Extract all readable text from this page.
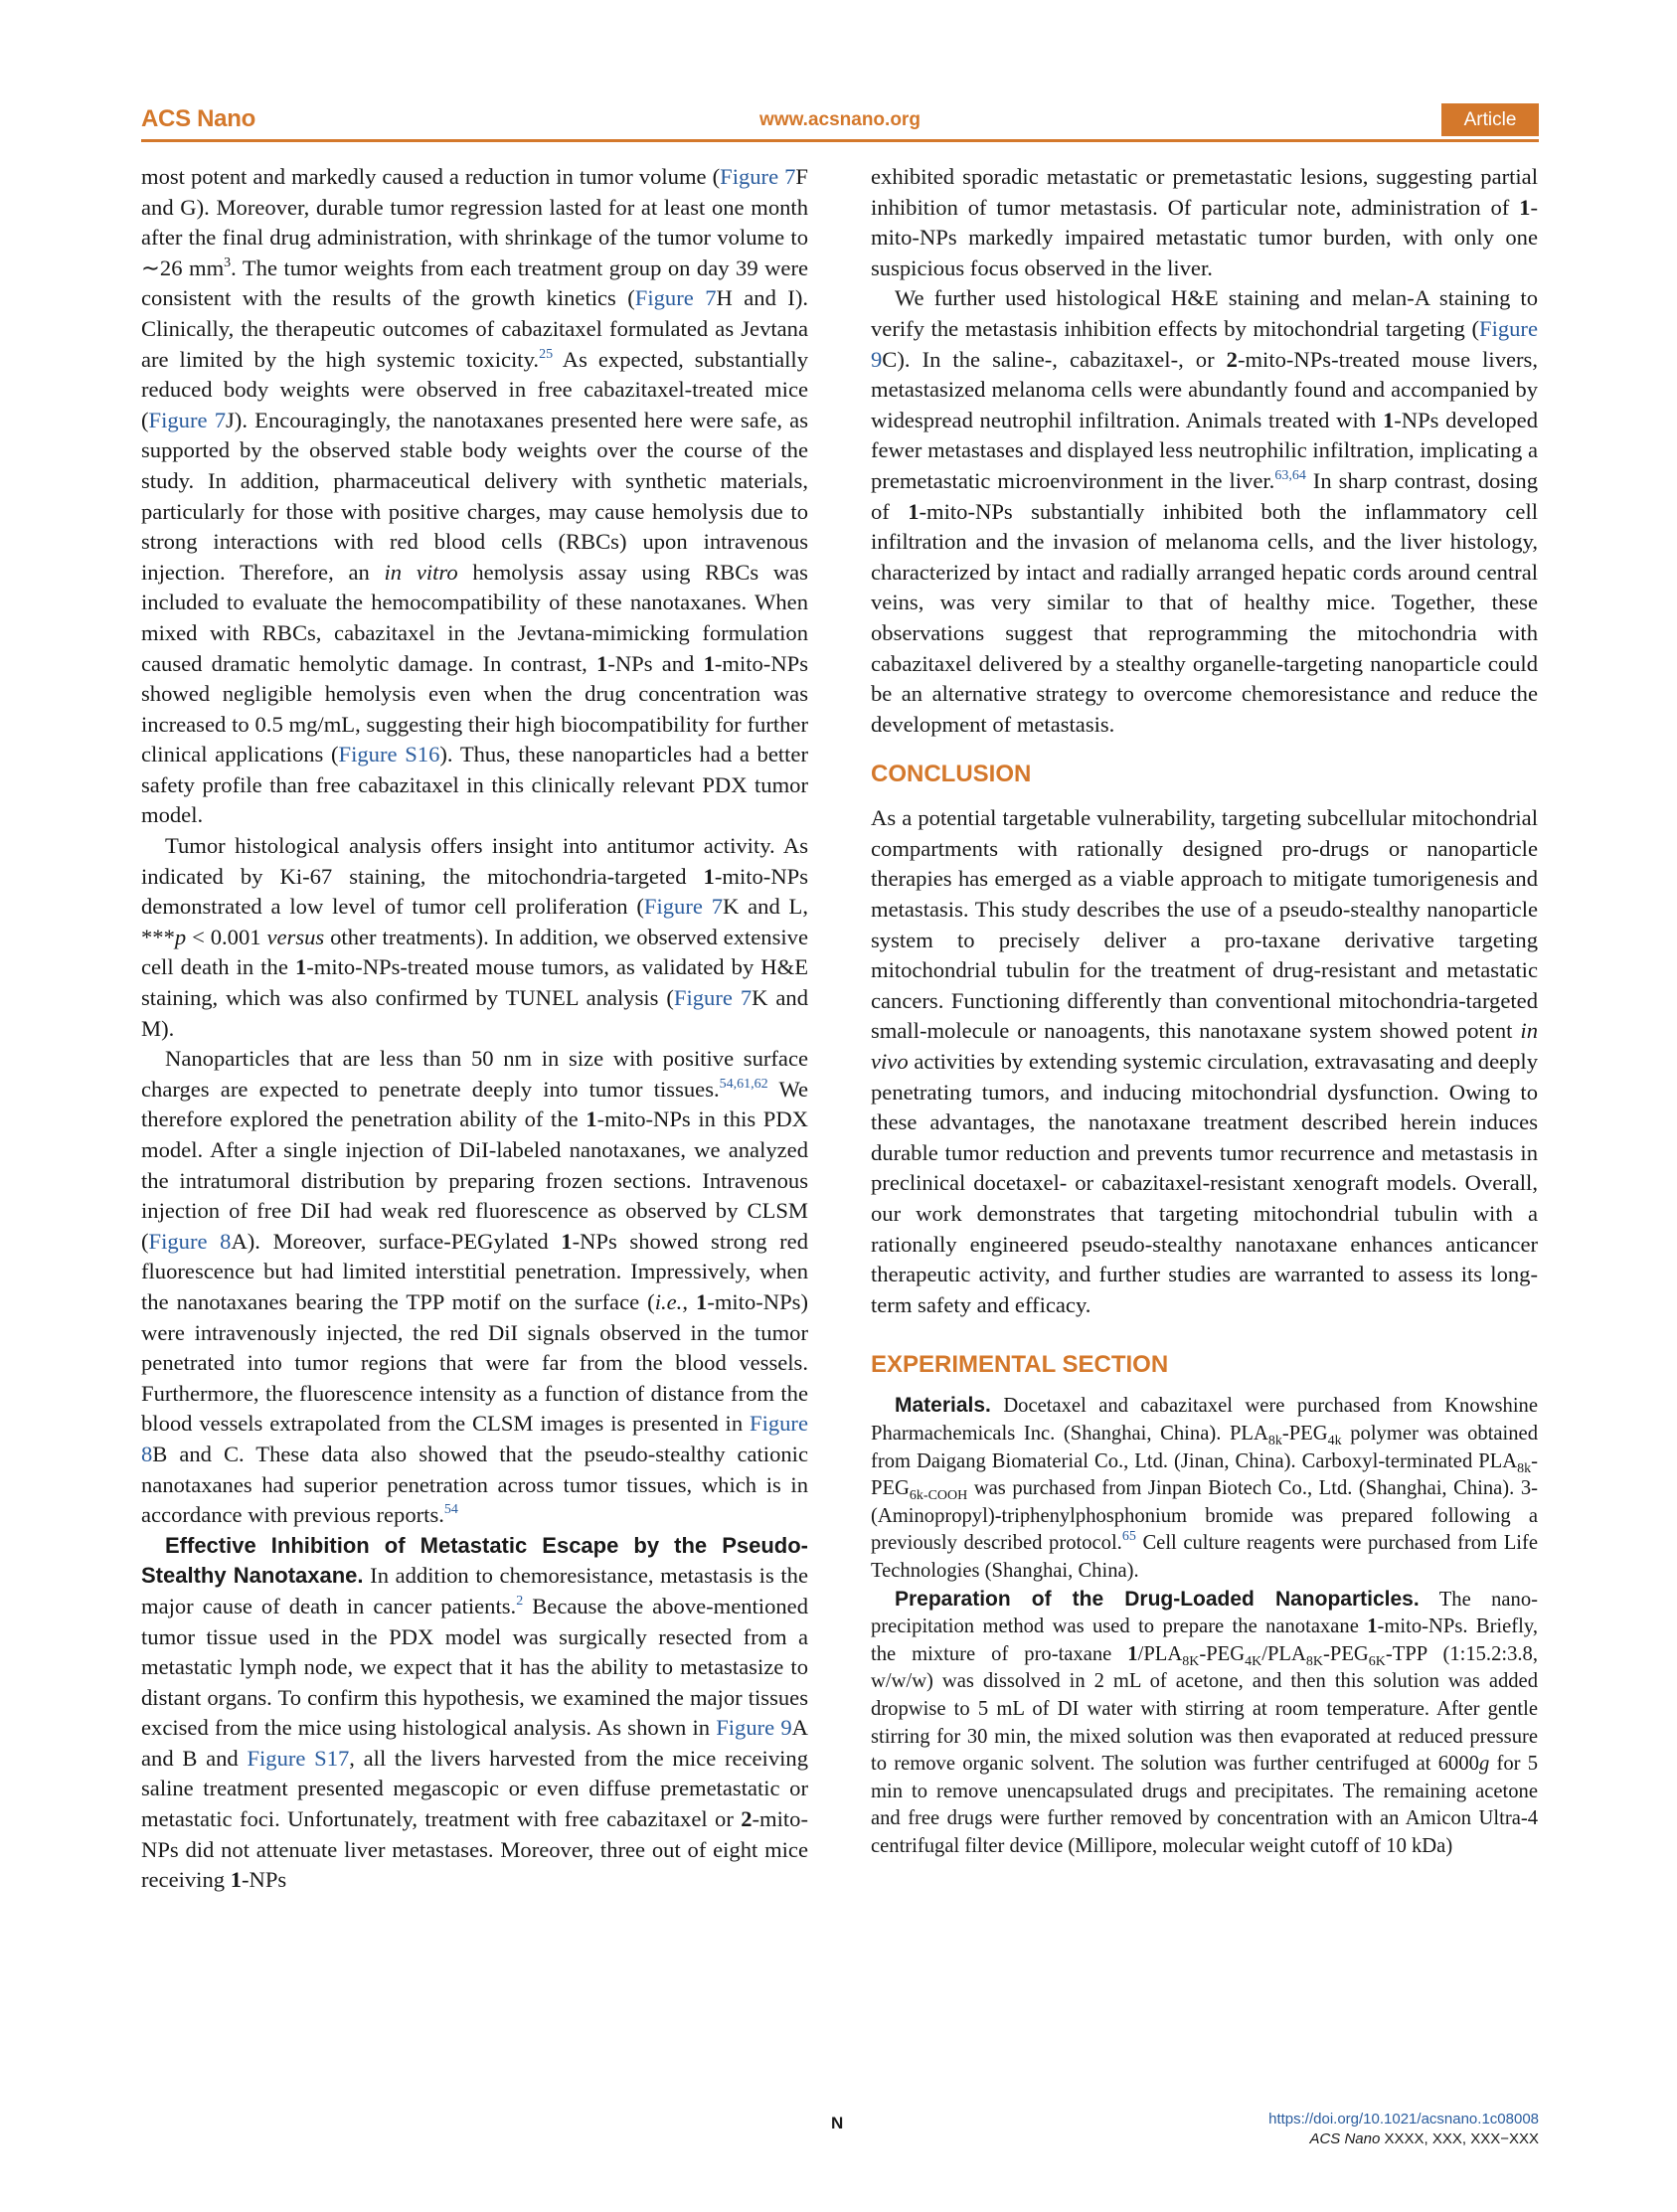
ACS Nano	www.acsnano.org	Article

most potent and markedly caused a reduction in tumor volume (Figure 7F and G). Moreover, durable tumor regression lasted for at least one month after the final drug administration, with shrinkage of the tumor volume to ∼26 $mm^3$. The tumor weights from each treatment group on day 39 were consistent with the results of the growth kinetics (Figure 7H and I). Clinically, the therapeutic outcomes of cabazitaxel formulated as Jevtana are limited by the high systemic toxicity.$^{25}$ As expected, substantially reduced body weights were observed in free cabazitaxel-treated mice (Figure 7J). Encouragingly, the nanotaxanes presented here were safe, as supported by the observed stable body weights over the course of the study. In addition, pharmaceutical delivery with synthetic materials, particularly for those with positive charges, may cause hemolysis due to strong interactions with red blood cells (RBCs) upon intravenous injection. Therefore, an in vitro hemolysis assay using RBCs was included to evaluate the hemocompatibility of these nanotaxanes. When mixed with RBCs, cabazitaxel in the Jevtana-mimicking formulation caused dramatic hemolytic damage. In contrast, 1-NPs and 1-mito-NPs showed negligible hemolysis even when the drug concentration was increased to 0.5 mg/mL, suggesting their high biocompatibility for further clinical applications (Figure S16). Thus, these nanoparticles had a better safety profile than free cabazitaxel in this clinically relevant PDX tumor model.

Tumor histological analysis offers insight into antitumor activity. As indicated by Ki-67 staining, the mitochondria-targeted 1-mito-NPs demonstrated a low level of tumor cell proliferation (Figure 7K and L, ***p < 0.001 versus other treatments). In addition, we observed extensive cell death in the 1-mito-NPs-treated mouse tumors, as validated by H&E staining, which was also confirmed by TUNEL analysis (Figure 7K and M).

Nanoparticles that are less than 50 nm in size with positive surface charges are expected to penetrate deeply into tumor tissues.$^{54,61,62}$ We therefore explored the penetration ability of the 1-mito-NPs in this PDX model. After a single injection of DiI-labeled nanotaxanes, we analyzed the intratumoral distribution by preparing frozen sections. Intravenous injection of free DiI had weak red fluorescence as observed by CLSM (Figure 8A). Moreover, surface-PEGylated 1-NPs showed strong red fluorescence but had limited interstitial penetration. Impressively, when the nanotaxanes bearing the TPP motif on the surface (i.e., 1-mito-NPs) were intravenously injected, the red DiI signals observed in the tumor penetrated into tumor regions that were far from the blood vessels. Furthermore, the fluorescence intensity as a function of distance from the blood vessels extrapolated from the CLSM images is presented in Figure 8B and C. These data also showed that the pseudo-stealthy cationic nanotaxanes had superior penetration across tumor tissues, which is in accordance with previous reports.$^{54}$

Effective Inhibition of Metastatic Escape by the Pseudo-Stealthy Nanotaxane. In addition to chemoresistance, metastasis is the major cause of death in cancer patients.$^2$ Because the above-mentioned tumor tissue used in the PDX model was surgically resected from a metastatic lymph node, we expect that it has the ability to metastasize to distant organs. To confirm this hypothesis, we examined the major tissues excised from the mice using histological analysis. As shown in Figure 9A and B and Figure S17, all the livers harvested from the mice receiving saline treatment presented megascopic or even diffuse premetastatic or metastatic foci. Unfortunately, treatment with free cabazitaxel or 2-mito-NPs did not attenuate liver metastases. Moreover, three out of eight mice receiving 1-NPs

exhibited sporadic metastatic or premetastatic lesions, suggesting partial inhibition of tumor metastasis. Of particular note, administration of 1-mito-NPs markedly impaired metastatic tumor burden, with only one suspicious focus observed in the liver.

We further used histological H&E staining and melan-A staining to verify the metastasis inhibition effects by mitochondrial targeting (Figure 9C). In the saline-, cabazitaxel-, or 2-mito-NPs-treated mouse livers, metastasized melanoma cells were abundantly found and accompanied by widespread neutrophil infiltration. Animals treated with 1-NPs developed fewer metastases and displayed less neutrophilic infiltration, implicating a premetastatic microenvironment in the liver.$^{63,64}$ In sharp contrast, dosing of 1-mito-NPs substantially inhibited both the inflammatory cell infiltration and the invasion of melanoma cells, and the liver histology, characterized by intact and radially arranged hepatic cords around central veins, was very similar to that of healthy mice. Together, these observations suggest that reprogramming the mitochondria with cabazitaxel delivered by a stealthy organelle-targeting nanoparticle could be an alternative strategy to overcome chemoresistance and reduce the development of metastasis.

CONCLUSION

As a potential targetable vulnerability, targeting subcellular mitochondrial compartments with rationally designed pro-drugs or nanoparticle therapies has emerged as a viable approach to mitigate tumorigenesis and metastasis. This study describes the use of a pseudo-stealthy nanoparticle system to precisely deliver a pro-taxane derivative targeting mitochondrial tubulin for the treatment of drug-resistant and metastatic cancers. Functioning differently than conventional mitochondria-targeted small-molecule or nanoagents, this nanotaxane system showed potent in vivo activities by extending systemic circulation, extravasating and deeply penetrating tumors, and inducing mitochondrial dysfunction. Owing to these advantages, the nanotaxane treatment described herein induces durable tumor reduction and prevents tumor recurrence and metastasis in preclinical docetaxel- or cabazitaxel-resistant xenograft models. Overall, our work demonstrates that targeting mitochondrial tubulin with a rationally engineered pseudo-stealthy nanotaxane enhances anticancer therapeutic activity, and further studies are warranted to assess its long-term safety and efficacy.

EXPERIMENTAL SECTION

Materials. Docetaxel and cabazitaxel were purchased from Knowshine Pharmachemicals Inc. (Shanghai, China). $PLA_{8k}-PEG_{4k}$ polymer was obtained from Daigang Biomaterial Co., Ltd. (Jinan, China). Carboxyl-terminated $PLA_{8k}-PEG_{6k-COOH}$ was purchased from Jinpan Biotech Co., Ltd. (Shanghai, China). 3-(Aminopropyl)-triphenylphosphonium bromide was prepared following a previously described protocol.$^{65}$ Cell culture reagents were purchased from Life Technologies (Shanghai, China).

Preparation of the Drug-Loaded Nanoparticles. The nano-precipitation method was used to prepare the nanotaxane 1-mito-NPs. Briefly, the mixture of pro-taxane $1/PLA_{8K}-PEG_{4K}/PLA_{8K}-PEG_{6K}$-TPP (1:15.2:3.8, w/w/w) was dissolved in 2 mL of acetone, and then this solution was added dropwise to 5 mL of DI water with stirring at room temperature. After gentle stirring for 30 min, the mixed solution was then evaporated at reduced pressure to remove organic solvent. The solution was further centrifuged at 6000g for 5 min to remove unencapsulated drugs and precipitates. The remaining acetone and free drugs were further removed by concentration with an Amicon Ultra-4 centrifugal filter device (Millipore, molecular weight cutoff of 10 kDa)

N	https://doi.org/10.1021/acsnano.1c08008
ACS Nano XXXX, XXX, XXX−XXX
